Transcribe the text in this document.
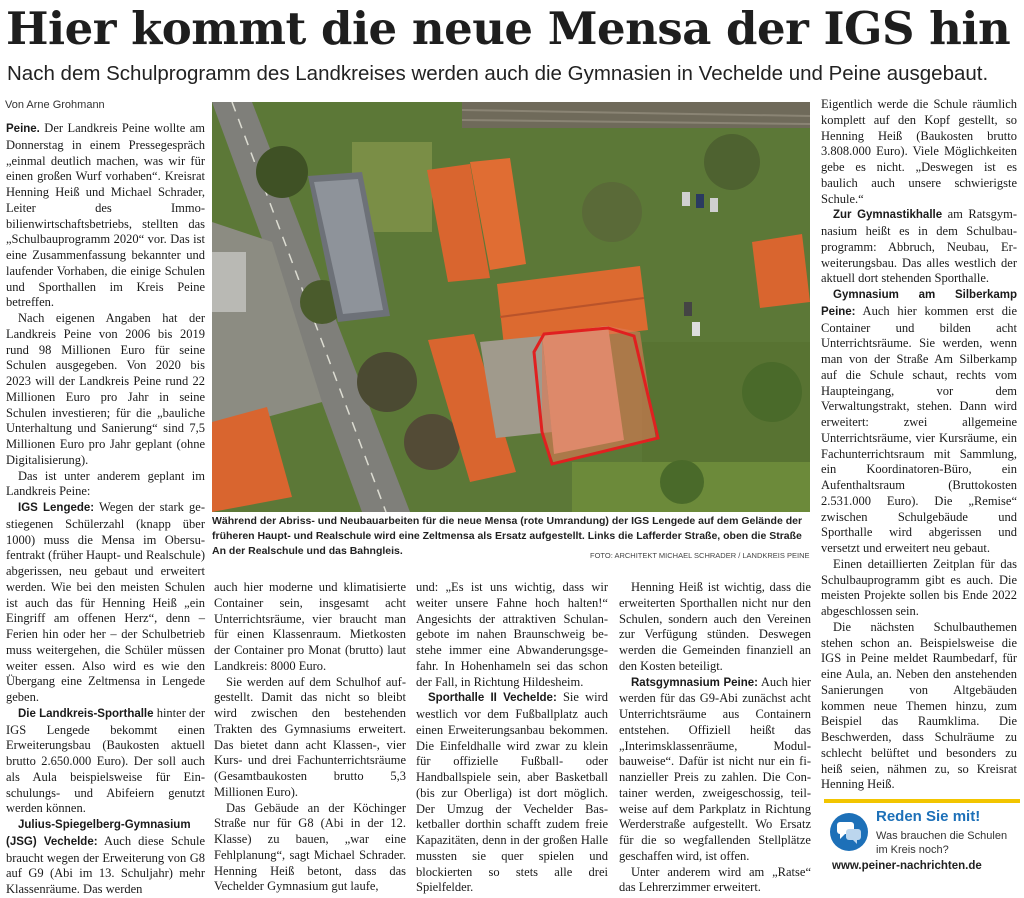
Hier kommt die neue Mensa der IGS hin
Nach dem Schulprogramm des Landkreises werden auch die Gymnasien in Vechelde und Peine ausgebaut.
Von Arne Grohmann

Peine. Der Landkreis Peine wollte am Donnerstag in einem Pressegespräch „einmal deutlich machen, was wir für einen großen Wurf vorhaben“. Kreisrat Henning Heiß und Michael Schrader, Leiter des Immobilienwirtschaftsbetriebs, stellten das „Schulbauprogramm 2020“ vor. Das ist eine Zusammenfassung bekannter und laufender Vorhaben, die einige Schulen und Sporthallen im Kreis Peine betreffen.

Nach eigenen Angaben hat der Landkreis Peine von 2006 bis 2019 rund 98 Millionen Euro für seine Schulen ausgegeben. Von 2020 bis 2023 will der Landkreis Peine rund 22 Millionen Euro pro Jahr in seine Schulen investieren; für die „bauliche Unterhaltung und Sanierung“ sind 7,5 Millionen Euro pro Jahr geplant (ohne Digitalisierung).

Das ist unter anderem geplant im Landkreis Peine:

IGS Lengede: Wegen der stark gestiegenen Schülerzahl (knapp über 1000) muss die Mensa im Obersufentrakt (früher Haupt- und Realschule) abgerissen, neu gebaut und erweitert werden. Wie bei den meisten Schulen ist auch das für Henning Heiß „ein Eingriff am offenen Herz“, denn – Ferien hin oder her – der Schulbetrieb muss weitergehen, die Schüler müssen weiter essen. Also wird es wie den Übergang eine Zeltmensa in Lengede geben.

Die Landkreis-Sporthalle hinter der IGS Lengede bekommt einen Erweiterungsbau (Baukosten aktuell brutto 2.650.000 Euro). Der soll auch als Aula beispielsweise für Einschulungs- und Abifeiern genutzt werden können.

Julius-Spiegelberg-Gymnasium (JSG) Vechelde: Auch diese Schule braucht wegen der Erweiterung von G8 auf G9 (Abi im 13. Schuljahr) mehr Klassenräume. Das werden

Während der Abriss- und Neubauarbeiten für die neue Mensa (rote Umrandung) der IGS Lengede auf dem Gelände der früheren Haupt- und Realschule wird eine Zeltmensa als Ersatz aufgestellt. Links die Lafferder Straße, oben die Straße An der Realschule und das Bahngleis.	FOTO: ARCHITEKT MICHAEL SCHRADER / LANDKREIS PEINE

auch hier moderne und klimatisierte Container sein, insgesamt acht Unterrichtsräume, vier braucht man für einen Klassenraum. Mietkosten der Container pro Monat (brutto) laut Landkreis: 8000 Euro.

Sie werden auf dem Schulhof aufgestellt. Damit das nicht so bleibt wird zwischen den bestehenden Trakten des Gymnasiums erweitert. Das bietet dann acht Klassen-, vier Kurs- und drei Fachunterrichtsräume (Gesamtbaukosten brutto 5,3 Millionen Euro).

Das Gebäude an der Köchinger Straße nur für G8 (Abi in der 12. Klasse) zu bauen, „war eine Fehlplanung“, sagt Michael Schrader. Henning Heiß betont, dass das Vechelder Gymnasium gut laufe,

und: „Es ist uns wichtig, dass wir weiter unsere Fahne hoch halten!“ Angesichts der attraktiven Schulangebote im nahen Braunschweig bestehe immer eine Abwanderungsgefahr. In Hohenhameln sei das schon der Fall, in Richtung Hildesheim.

Sporthalle II Vechelde: Sie wird westlich vor dem Fußballplatz auch einen Erweiterungsanbau bekommen. Die Einfeldhalle wird zwar zu klein für offizielle Fußball- oder Handballspiele sein, aber Basketball (bis zur Oberliga) ist dort möglich. Der Umzug der Vechelder Basketballer dorthin schafft zudem freie Kapazitäten, denn in der großen Halle mussten sie quer spielen und blockierten so stets alle drei Spielfelder.

Henning Heiß ist wichtig, dass die erweiterten Sporthallen nicht nur den Schulen, sondern auch den Vereinen zur Verfügung stünden. Deswegen werden die Gemeinden finanziell an den Kosten beteiligt.

Ratsgymnasium Peine: Auch hier werden für das G9-Abi zunächst acht Unterrichtsräume aus Containern entstehen. Offiziell heißt das „Interimsklassenräume, Modulbauweise“. Dafür ist nicht nur ein finanzieller Preis zu zahlen. Die Container werden, zweigeschossig, teilweise auf dem Parkplatz in Richtung Werderstraße aufgestellt. Wo Ersatz für die so wegfallenden Stellplätze geschaffen wird, ist offen.

Unter anderem wird am „Ratse“ das Lehrerzimmer erweitert.

Eigentlich werde die Schule räumlich komplett auf den Kopf gestellt, so Henning Heiß (Baukosten brutto 3.808.000 Euro). Viele Möglichkeiten gebe es nicht. „Deswegen ist es baulich auch unsere schwierigste Schule.“

Zur Gymnastikhalle am Ratsgymnasium heißt es in dem Schulbauprogramm: Abbruch, Neubau, Erweiterungsbau. Das alles westlich der aktuell dort stehenden Sporthalle.

Gymnasium am Silberkamp Peine: Auch hier kommen erst die Container und bilden acht Unterrichtsräume. Sie werden, wenn man von der Straße Am Silberkamp auf die Schule schaut, rechts vom Haupteingang, vor dem Verwaltungstrakt, stehen. Dann wird erweitert: zwei allgemeine Unterrichtsräume, vier Kursräume, ein Fachunterrichtsraum mit Sammlung, ein Koordinatoren-Büro, ein Aufenthaltsraum (Bruttokosten 2.531.000 Euro). Die „Remise“ zwischen Schulgebäude und Sporthalle wird abgerissen und versetzt und erweitert neu gebaut.

Einen detaillierten Zeitplan für das Schulbauprogramm gibt es auch. Die meisten Projekte sollen bis Ende 2022 abgeschlossen sein.

Die nächsten Schulbauthemen stehen schon an. Beispielsweise die IGS in Peine meldet Raumbedarf, für eine Aula, an. Neben den anstehenden Sanierungen von Altgebäuden kommen neue Themen hinzu, zum Beispiel das Raumklima. Die Beschwerden, dass Schulräume zu schlecht belüftet und besonders zu heiß seien, nähmen zu, so Kreisrat Henning Heiß.

Reden Sie mit!
Was brauchen die Schulen im Kreis noch?
www.peiner-nachrichten.de
